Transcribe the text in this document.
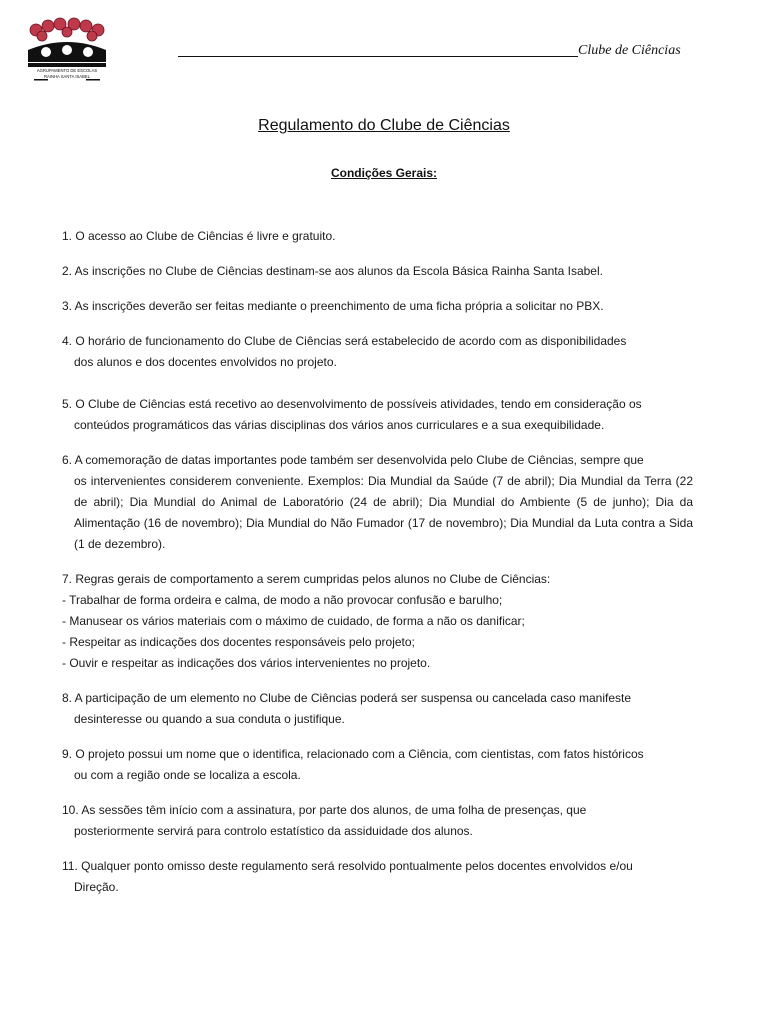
AGRUPAMENTO DE ESCOLAS
RAINHA SANTA ISABEL
Clube de Ciências
Regulamento do Clube de Ciências
Condições Gerais:
1. O acesso ao Clube de Ciências é livre e gratuito.
2. As inscrições no Clube de Ciências destinam-se aos alunos da Escola Básica Rainha Santa Isabel.
3. As inscrições deverão ser feitas mediante o preenchimento de uma ficha própria a solicitar no PBX.
4. O horário de funcionamento do Clube de Ciências será estabelecido de acordo com as disponibilidades
dos alunos e dos docentes envolvidos no projeto.
5. O Clube de Ciências está recetivo ao desenvolvimento de possíveis atividades, tendo em consideração os
conteúdos programáticos das várias disciplinas dos vários anos curriculares e a sua exequibilidade.
6. A comemoração de datas importantes pode também ser desenvolvida pelo Clube de Ciências, sempre que
os intervenientes considerem conveniente. Exemplos: Dia Mundial da Saúde (7 de abril); Dia Mundial da Terra (22 de abril); Dia Mundial do Animal de Laboratório (24 de abril); Dia Mundial do Ambiente (5 de junho); Dia da Alimentação (16 de novembro); Dia Mundial do Não Fumador (17 de novembro); Dia Mundial da Luta contra a Sida (1 de dezembro).
7. Regras gerais de comportamento a serem cumpridas pelos alunos no Clube de Ciências:
- Trabalhar de forma ordeira e calma, de modo a não provocar confusão e barulho;
- Manusear os vários materiais com o máximo de cuidado, de forma a não os danificar;
- Respeitar as indicações dos docentes responsáveis pelo projeto;
- Ouvir e respeitar as indicações dos vários intervenientes no projeto.
8. A participação de um elemento no Clube de Ciências poderá ser suspensa ou cancelada caso manifeste
desinteresse ou quando a sua conduta o justifique.
9. O projeto possui um nome que o identifica, relacionado com a Ciência, com cientistas, com fatos históricos
ou com a região onde se localiza a escola.
10. As sessões têm início com a assinatura, por parte dos alunos, de uma folha de presenças, que
posteriormente servirá para controlo estatístico da assiduidade dos alunos.
11. Qualquer ponto omisso deste regulamento será resolvido pontualmente pelos docentes envolvidos e/ou
Direção.
